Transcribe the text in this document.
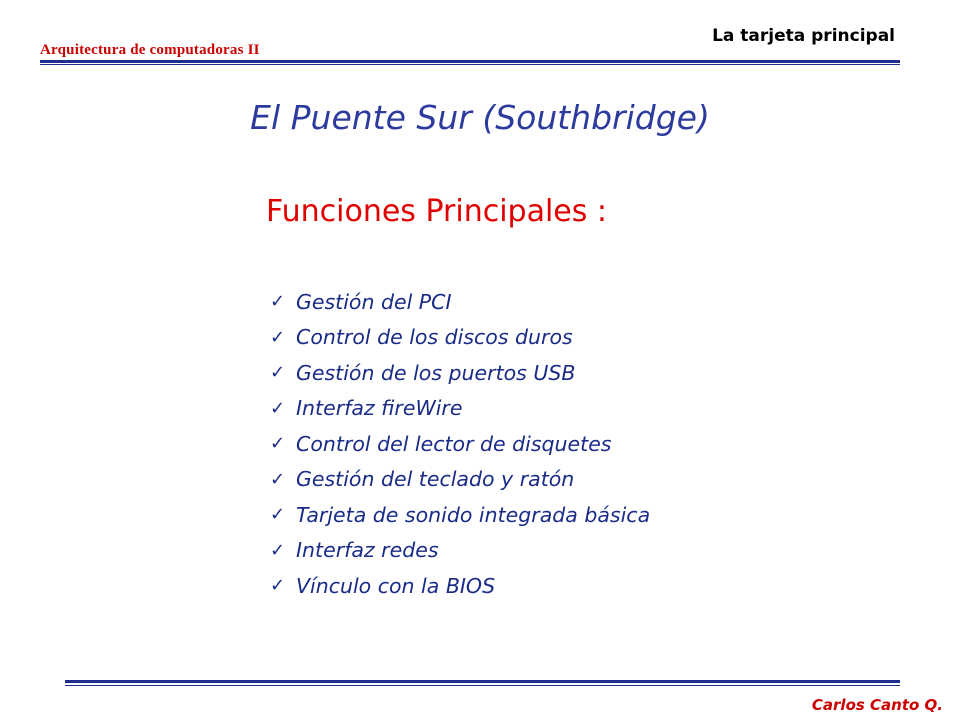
Arquitectura de computadoras II
La tarjeta principal
El Puente Sur (Southbridge)
Funciones Principales :
✓ Gestión del PCI
✓ Control de los discos duros
✓ Gestión de los puertos USB
✓ Interfaz fireWire
✓ Control del lector de disquetes
✓ Gestión del teclado y ratón
✓ Tarjeta de sonido integrada básica
✓ Interfaz redes
✓ Vínculo con la BIOS
Carlos Canto Q.
